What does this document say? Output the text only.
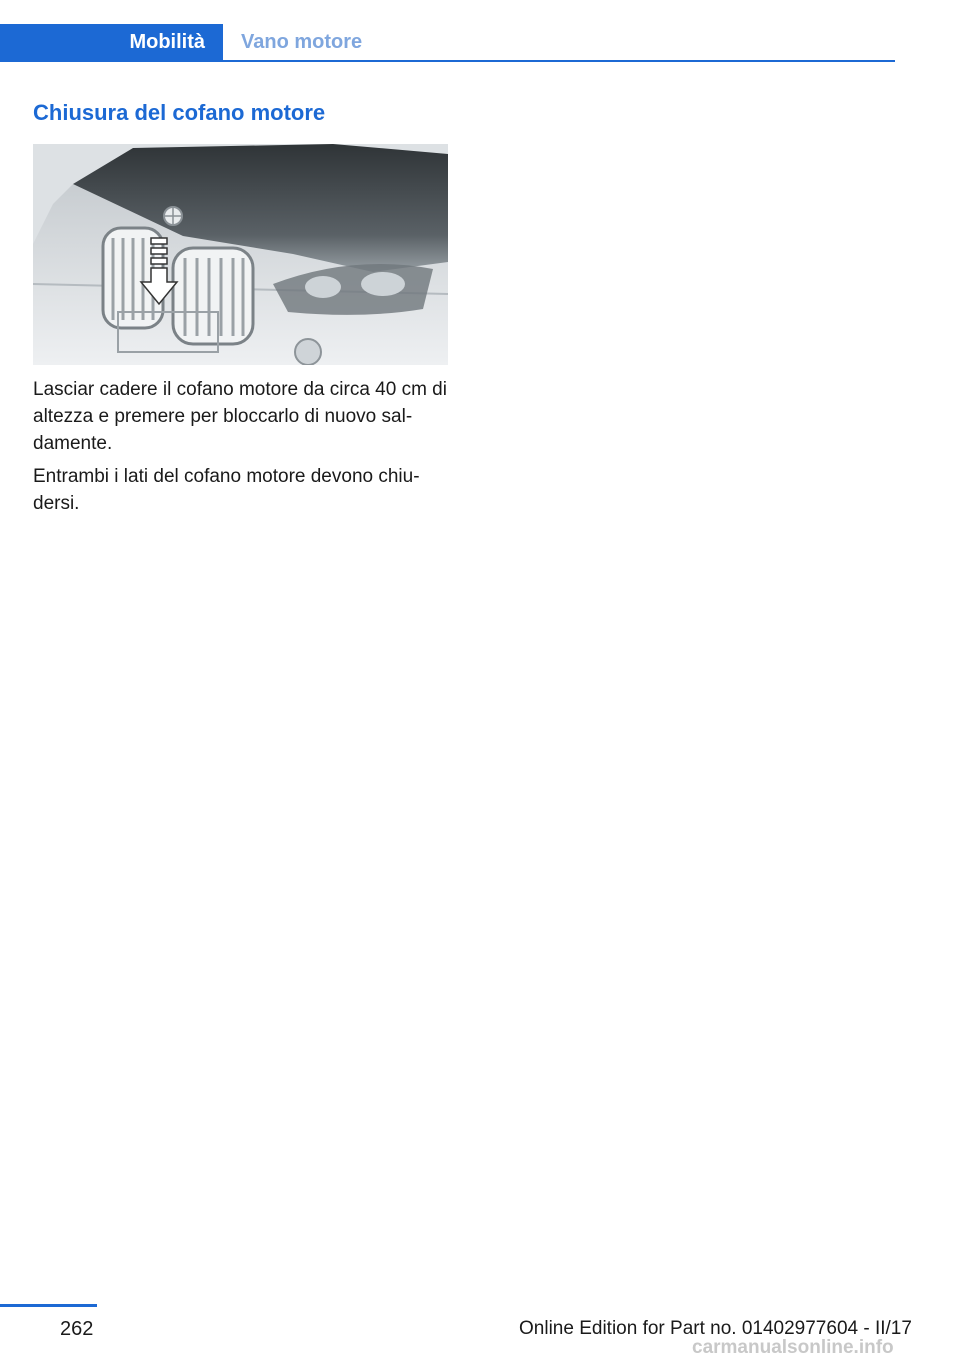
Mobilità	Vano motore
Chiusura del cofano motore

Lasciar cadere il cofano motore da circa 40 cm di altezza e premere per bloccarlo di nuovo saldamente.

Entrambi i lati del cofano motore devono chiudersi.

262	Online Edition for Part no. 01402977604 - II/17
carmanualsonline.info
